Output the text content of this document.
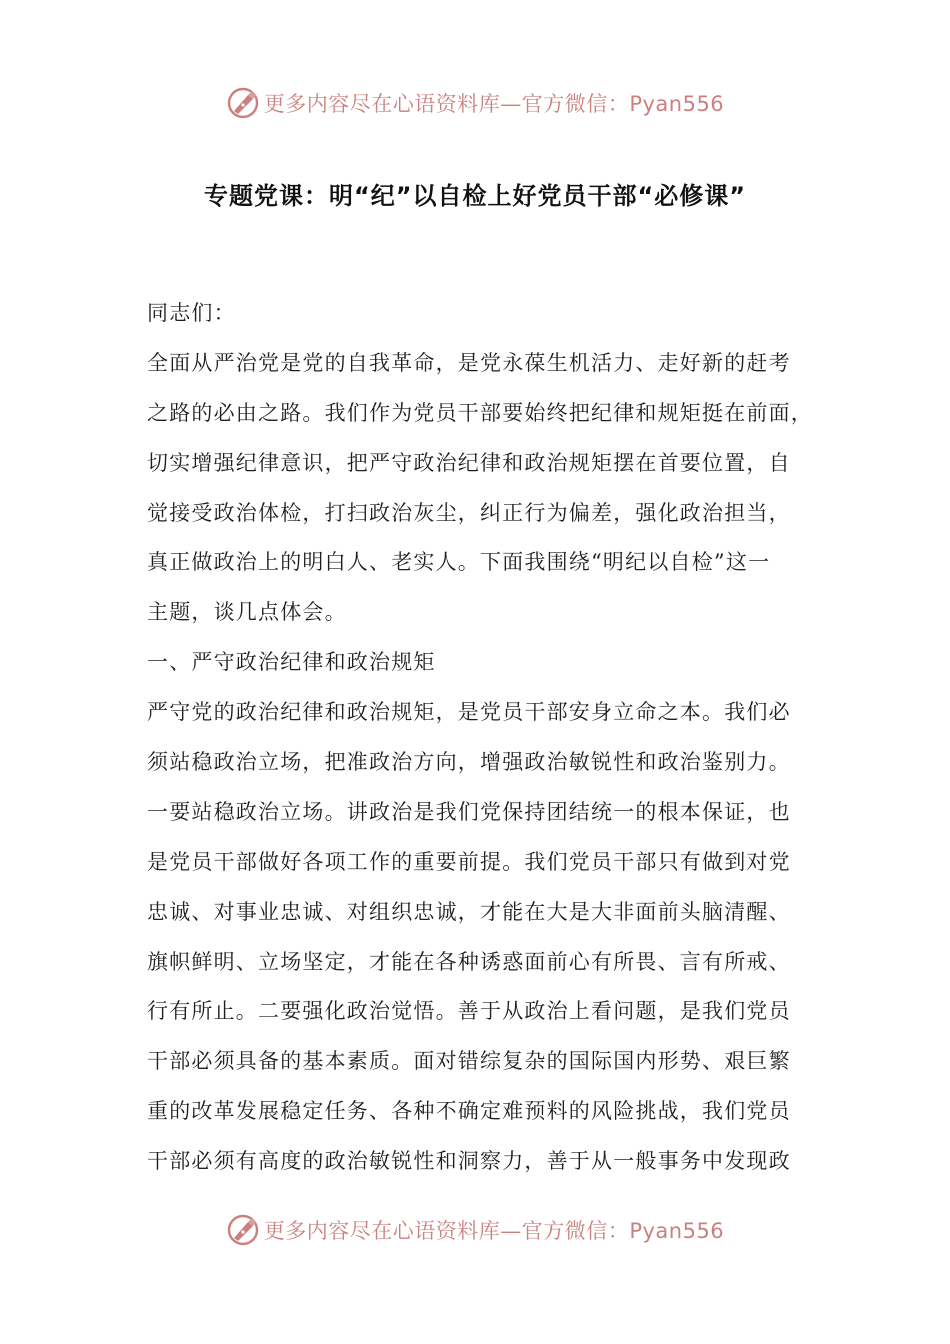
更多内容尽在心语资料库—官方微信：Pyan556
专题党课：明“纪”以自检上好党员干部“必修课”
同志们：
全面从严治党是党的自我革命，是党永葆生机活力、走好新的赶考
之路的必由之路。我们作为党员干部要始终把纪律和规矩挺在前面，
切实增强纪律意识，把严守政治纪律和政治规矩摆在首要位置，自
觉接受政治体检，打扫政治灰尘，纠正行为偏差，强化政治担当，
真正做政治上的明白人、老实人。下面我围绕“明纪以自检”这一
主题，谈几点体会。
一、严守政治纪律和政治规矩
严守党的政治纪律和政治规矩，是党员干部安身立命之本。我们必
须站稳政治立场，把准政治方向，增强政治敏锐性和政治鉴别力。
一要站稳政治立场。讲政治是我们党保持团结统一的根本保证，也
是党员干部做好各项工作的重要前提。我们党员干部只有做到对党
忠诚、对事业忠诚、对组织忠诚，才能在大是大非面前头脑清醒、
旗帜鲜明、立场坚定，才能在各种诱惑面前心有所畏、言有所戒、
行有所止。二要强化政治觉悟。善于从政治上看问题，是我们党员
干部必须具备的基本素质。面对错综复杂的国际国内形势、艰巨繁
重的改革发展稳定任务、各种不确定难预料的风险挑战，我们党员
干部必须有高度的政治敏锐性和洞察力，善于从一般事务中发现政
更多内容尽在心语资料库—官方微信：Pyan556
